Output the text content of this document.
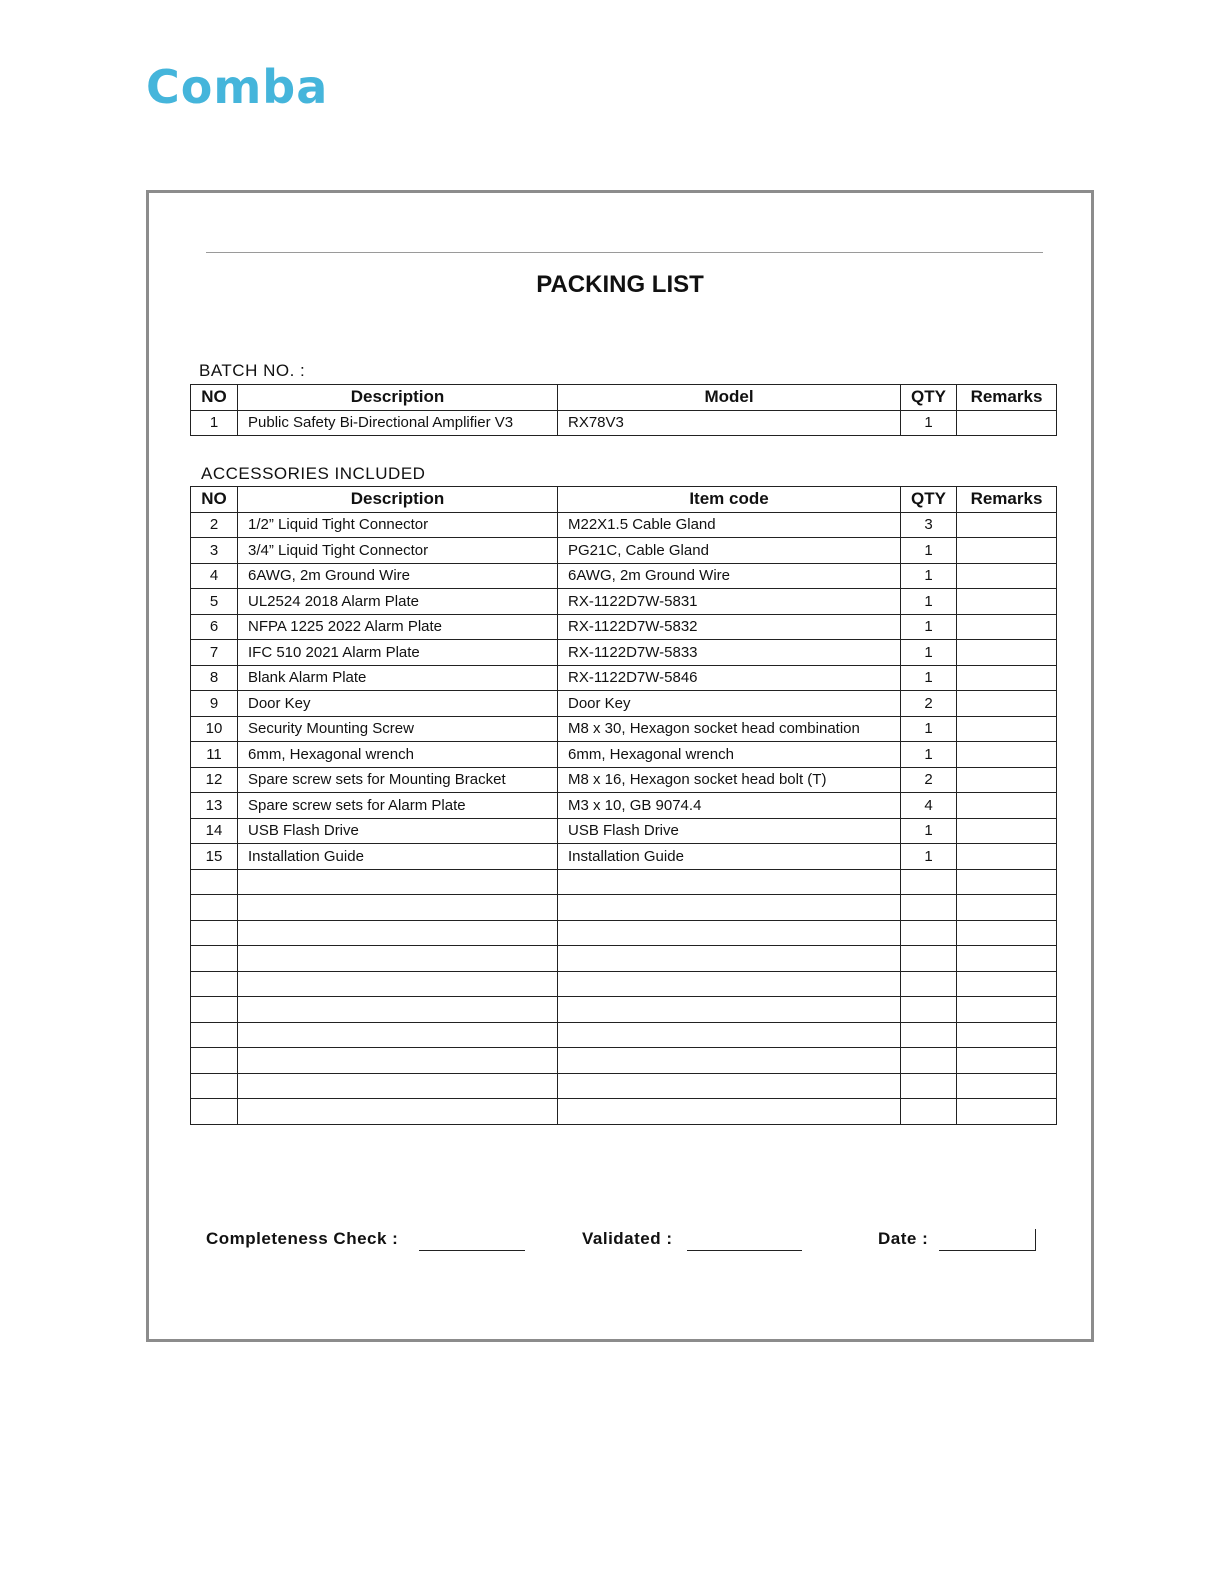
Comba
PACKING LIST
BATCH NO. :
NO	Description	Model	QTY	Remarks
1	Public Safety Bi-Directional Amplifier V3	RX78V3	1	
ACCESSORIES INCLUDED
NO	Description	Item code	QTY	Remarks
2	1/2” Liquid Tight Connector	M22X1.5 Cable Gland	3	
3	3/4” Liquid Tight Connector	PG21C, Cable Gland	1	
4	6AWG, 2m Ground Wire	6AWG, 2m Ground Wire	1	
5	UL2524 2018 Alarm Plate	RX-1122D7W-5831	1	
6	NFPA 1225 2022 Alarm Plate	RX-1122D7W-5832	1	
7	IFC 510 2021 Alarm Plate	RX-1122D7W-5833	1	
8	Blank Alarm Plate	RX-1122D7W-5846	1	
9	Door Key	Door Key	2	
10	Security Mounting Screw	M8 x 30, Hexagon socket head combination	1	
11	6mm, Hexagonal wrench	6mm, Hexagonal wrench	1	
12	Spare screw sets for Mounting Bracket	M8 x 16, Hexagon socket head bolt (T)	2	
13	Spare screw sets for Alarm Plate	M3 x 10, GB 9074.4	4	
14	USB Flash Drive	USB Flash Drive	1	
15	Installation Guide	Installation Guide	1	

Completeness Check :	Validated :	Date :
